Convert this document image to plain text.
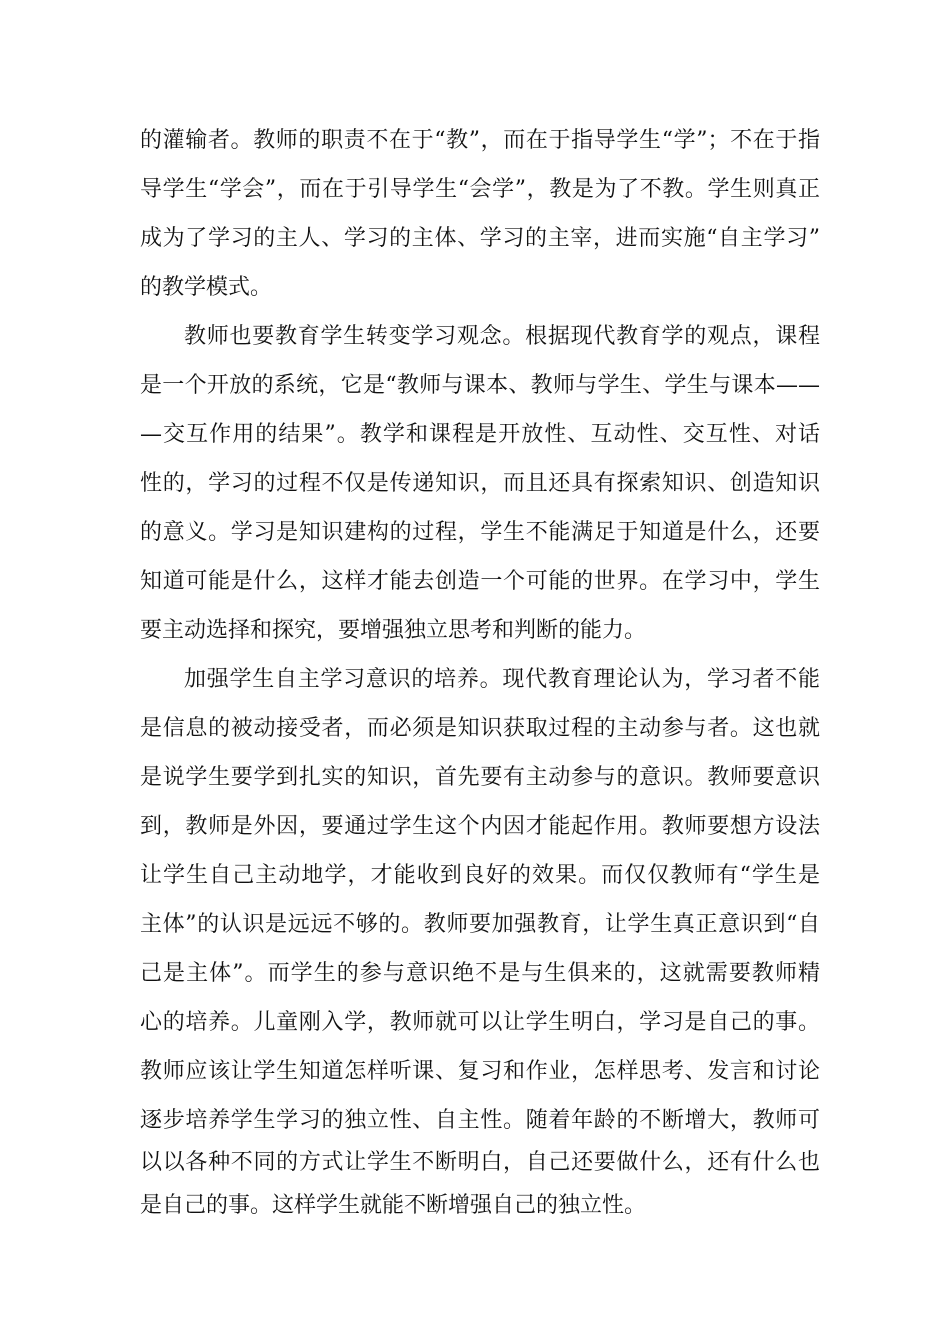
的灌输者。教师的职责不在于“教”，而在于指导学生“学”；不在于指
导学生“学会”，而在于引导学生“会学”，教是为了不教。学生则真正
成为了学习的主人、学习的主体、学习的主宰，进而实施“自主学习”
的教学模式。
教师也要教育学生转变学习观念。根据现代教育学的观点，课程
是一个开放的系统，它是“教师与课本、教师与学生、学生与课本——
—交互作用的结果”。教学和课程是开放性、互动性、交互性、对话
性的，学习的过程不仅是传递知识，而且还具有探索知识、创造知识
的意义。学习是知识建构的过程，学生不能满足于知道是什么，还要
知道可能是什么，这样才能去创造一个可能的世界。在学习中，学生
要主动选择和探究，要增强独立思考和判断的能力。
加强学生自主学习意识的培养。现代教育理论认为，学习者不能
是信息的被动接受者，而必须是知识获取过程的主动参与者。这也就
是说学生要学到扎实的知识，首先要有主动参与的意识。教师要意识
到，教师是外因，要通过学生这个内因才能起作用。教师要想方设法
让学生自己主动地学，才能收到良好的效果。而仅仅教师有“学生是
主体”的认识是远远不够的。教师要加强教育，让学生真正意识到“自
己是主体”。而学生的参与意识绝不是与生俱来的，这就需要教师精
心的培养。儿童刚入学，教师就可以让学生明白，学习是自己的事。
教师应该让学生知道怎样听课、复习和作业，怎样思考、发言和讨论
逐步培养学生学习的独立性、自主性。随着年龄的不断增大，教师可
以以各种不同的方式让学生不断明白，自己还要做什么，还有什么也
是自己的事。这样学生就能不断增强自己的独立性。
